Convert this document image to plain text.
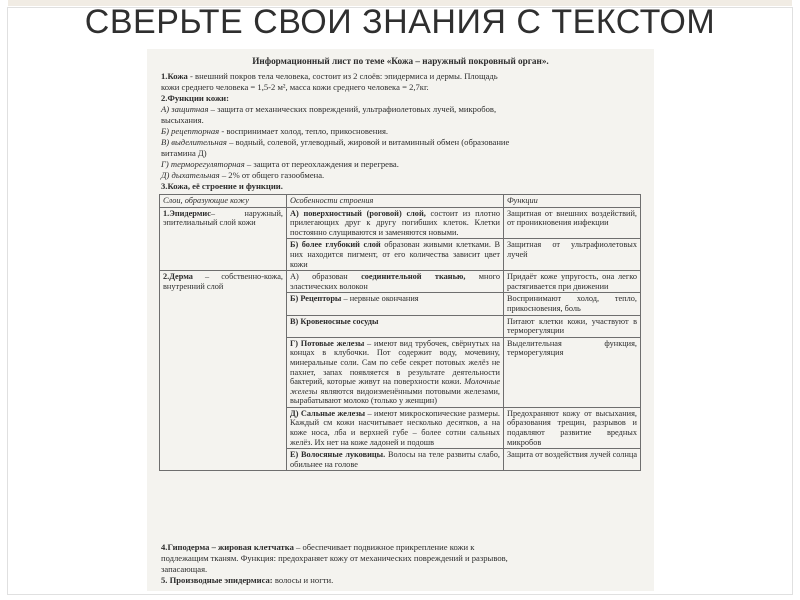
СВЕРЬТЕ СВОИ ЗНАНИЯ С ТЕКСТОМ
Информационный лист по теме «Кожа – наружный покровный орган».
1.Кожа - внешний покров тела человека, состоит из 2 слоёв: эпидермиса и дермы. Площадь
кожи среднего человека = 1,5-2 м², масса кожи среднего человека = 2,7кг.
2.Функции кожи:
А) защитная – защита от механических повреждений, ультрафиолетовых лучей, микробов,
высыхания.
Б) рецепторная - воспринимает холод, тепло, прикосновения.
В) выделительная – водный, солевой, углеводный, жировой и витаминный обмен (образование
витамина Д)
Г) терморегуляторная – защита от переохлаждения и перегрева.
Д) дыхательная – 2% от общего газообмена.
3.Кожа, её строение и функции.
Слои, образующие кожу	Особенности строения	Функции
1.Эпидермис– наружный, эпителиальный слой кожи	А) поверхностный (роговой) слой, состоит из плотно прилегающих друг к другу погибших клеток. Клетки постоянно слущиваются и заменяются новыми.	Защитная от внешних воздействий, от проникновения инфекции
	Б) более глубокий слой образован живыми клетками. В них находится пигмент, от его количества зависит цвет кожи	Защитная от ультрафиолетовых лучей
2.Дерма – собственно-кожа, внутренний слой	А) образован соединительной тканью, много эластических волокон	Придаёт коже упругость, она легко растягивается при движении
	Б) Рецепторы – нервные окончания	Воспринимают холод, тепло, прикосновения, боль
	В) Кровеносные сосуды	Питают клетки кожи, участвуют в терморегуляции
	Г) Потовые железы – имеют вид трубочек, свёрнутых на концах в клубочки. Пот содержит воду, мочевину, минеральные соли. Сам по себе секрет потовых желёз не пахнет, запах появляется в результате деятельности бактерий, которые живут на поверхности кожи. Молочные железы являются видоизменёнными потовыми железами, вырабатывают молоко (только у женщин)	Выделительная функция, терморегуляция
	Д) Сальные железы – имеют микроскопические размеры. Каждый см кожи насчитывает несколько десятков, а на коже носа, лба и верхней губе – более сотни сальных желёз. Их нет на коже ладоней и подошв	Предохраняют кожу от высыхания, образования трещин, разрывов и подавляют развитие вредных микробов
	Е) Волосяные луковицы. Волосы на теле развиты слабо, обильнее на голове	Защита от воздействия лучей солнца
4.Гиподерма – жировая клетчатка – обеспечивает подвижное прикрепление кожи к
подлежащим тканям. Функция: предохраняет кожу от механических повреждений и разрывов,
запасающая.
5. Производные эпидермиса: волосы и ногти.
